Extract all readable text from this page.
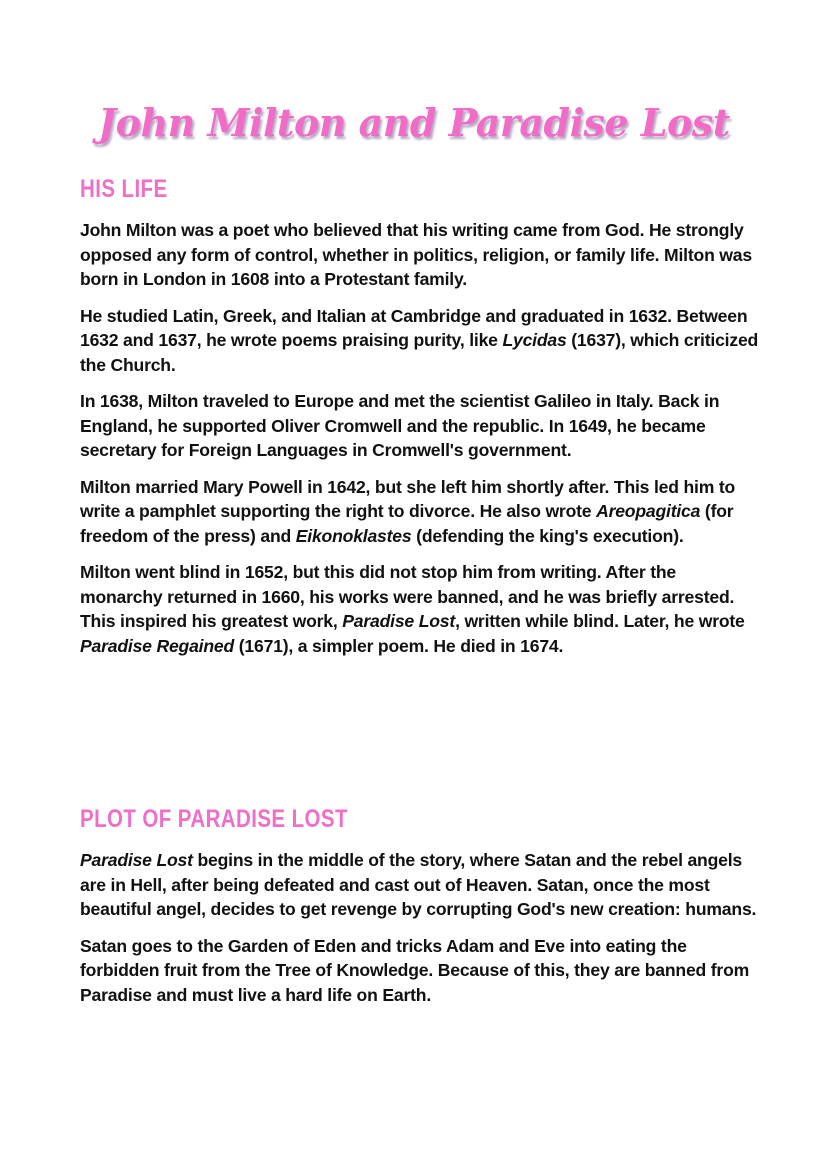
John Milton and Paradise Lost
HIS LIFE

John Milton was a poet who believed that his writing came from God. He strongly opposed any form of control, whether in politics, religion, or family life. Milton was born in London in 1608 into a Protestant family.

He studied Latin, Greek, and Italian at Cambridge and graduated in 1632. Between 1632 and 1637, he wrote poems praising purity, like Lycidas (1637), which criticized the Church.

In 1638, Milton traveled to Europe and met the scientist Galileo in Italy. Back in England, he supported Oliver Cromwell and the republic. In 1649, he became secretary for Foreign Languages in Cromwell's government.

Milton married Mary Powell in 1642, but she left him shortly after. This led him to write a pamphlet supporting the right to divorce. He also wrote Areopagitica (for freedom of the press) and Eikonoklastes (defending the king's execution).

Milton went blind in 1652, but this did not stop him from writing. After the monarchy returned in 1660, his works were banned, and he was briefly arrested. This inspired his greatest work, Paradise Lost, written while blind. Later, he wrote Paradise Regained (1671), a simpler poem. He died in 1674.

PLOT OF PARADISE LOST

Paradise Lost begins in the middle of the story, where Satan and the rebel angels are in Hell, after being defeated and cast out of Heaven. Satan, once the most beautiful angel, decides to get revenge by corrupting God's new creation: humans.

Satan goes to the Garden of Eden and tricks Adam and Eve into eating the forbidden fruit from the Tree of Knowledge. Because of this, they are banned from Paradise and must live a hard life on Earth.
